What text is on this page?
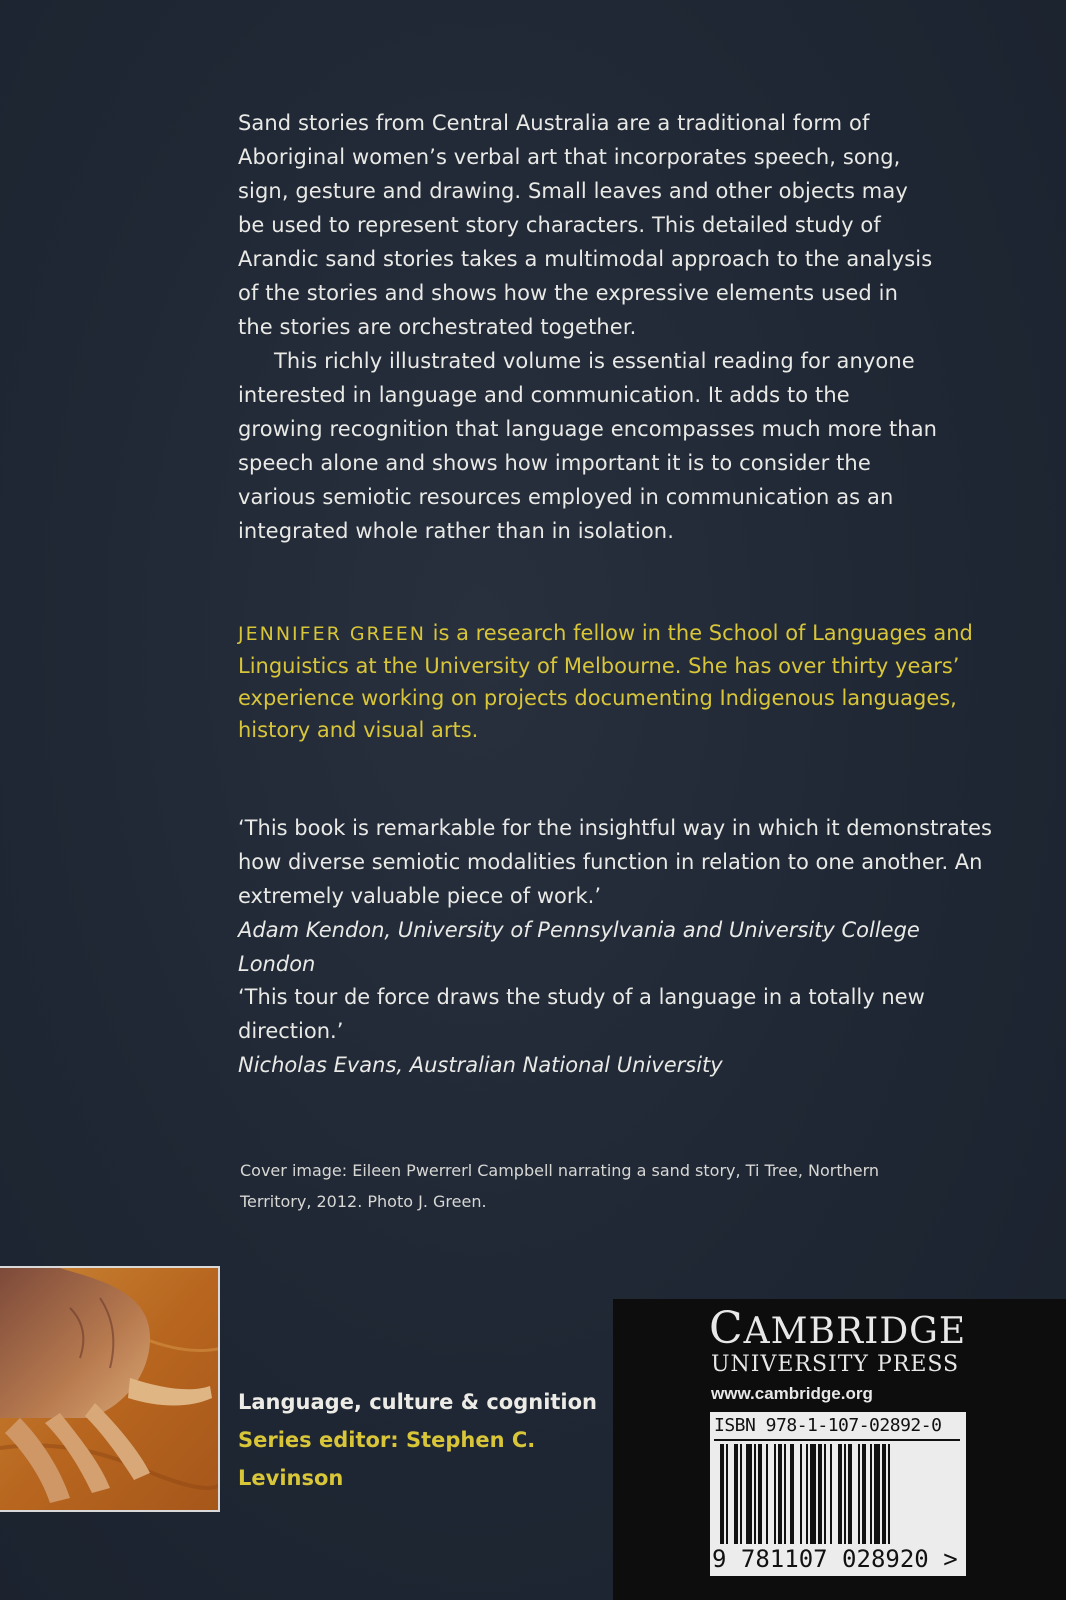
Sand stories from Central Australia are a traditional form of Aboriginal women’s verbal art that incorporates speech, song, sign, gesture and drawing. Small leaves and other objects may be used to represent story characters. This detailed study of Arandic sand stories takes a multimodal approach to the analysis of the stories and shows how the expressive elements used in the stories are orchestrated together.

This richly illustrated volume is essential reading for anyone interested in language and communication. It adds to the growing recognition that language encompasses much more than speech alone and shows how important it is to consider the various semiotic resources employed in communication as an integrated whole rather than in isolation.

JENNIFER GREEN is a research fellow in the School of Languages and Linguistics at the University of Melbourne. She has over thirty years’ experience working on projects documenting Indigenous languages, history and visual arts.

‘This book is remarkable for the insightful way in which it demonstrates how diverse semiotic modalities function in relation to one another. An extremely valuable piece of work.’
Adam Kendon, University of Pennsylvania and University College London

‘This tour de force draws the study of a language in a totally new direction.’
Nicholas Evans, Australian National University

Cover image: Eileen Pwerrerl Campbell narrating a sand story, Ti Tree, Northern Territory, 2012. Photo J. Green.

Language, culture & cognition
Series editor: Stephen C. Levinson

CAMBRIDGE

UNIVERSITY PRESS

www.cambridge.org

ISBN 978-1-107-02892-0

9 781107 028920 >
